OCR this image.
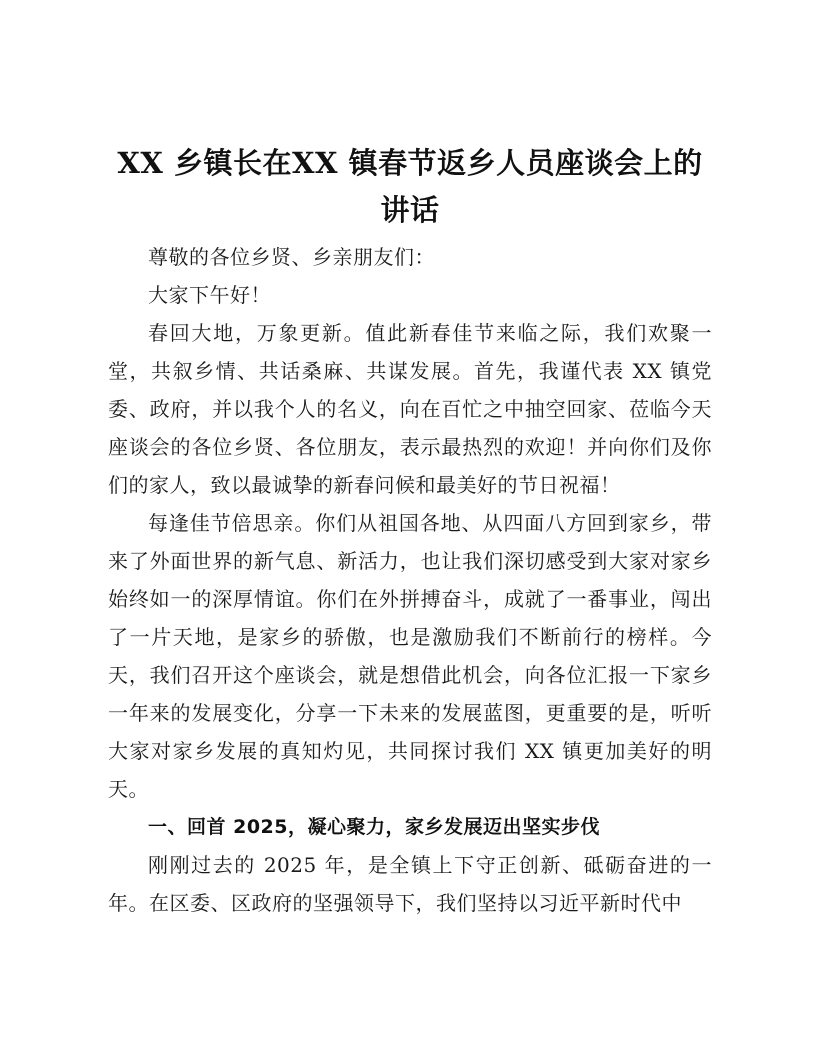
XX 乡镇长在XX 镇春节返乡人员座谈会上的讲话

尊敬的各位乡贤、乡亲朋友们：

大家下午好！

春回大地，万象更新。值此新春佳节来临之际，我们欢聚一堂，共叙乡情、共话桑麻、共谋发展。首先，我谨代表 XX 镇党委、政府，并以我个人的名义，向在百忙之中抽空回家、莅临今天座谈会的各位乡贤、各位朋友，表示最热烈的欢迎！并向你们及你们的家人，致以最诚挚的新春问候和最美好的节日祝福！

每逢佳节倍思亲。你们从祖国各地、从四面八方回到家乡，带来了外面世界的新气息、新活力，也让我们深切感受到大家对家乡始终如一的深厚情谊。你们在外拼搏奋斗，成就了一番事业，闯出了一片天地，是家乡的骄傲，也是激励我们不断前行的榜样。今天，我们召开这个座谈会，就是想借此机会，向各位汇报一下家乡一年来的发展变化，分享一下未来的发展蓝图，更重要的是，听听大家对家乡发展的真知灼见，共同探讨我们 XX 镇更加美好的明天。

一、回首 2025，凝心聚力，家乡发展迈出坚实步伐

刚刚过去的 2025 年，是全镇上下守正创新、砥砺奋进的一年。在区委、区政府的坚强领导下，我们坚持以习近平新时代中
